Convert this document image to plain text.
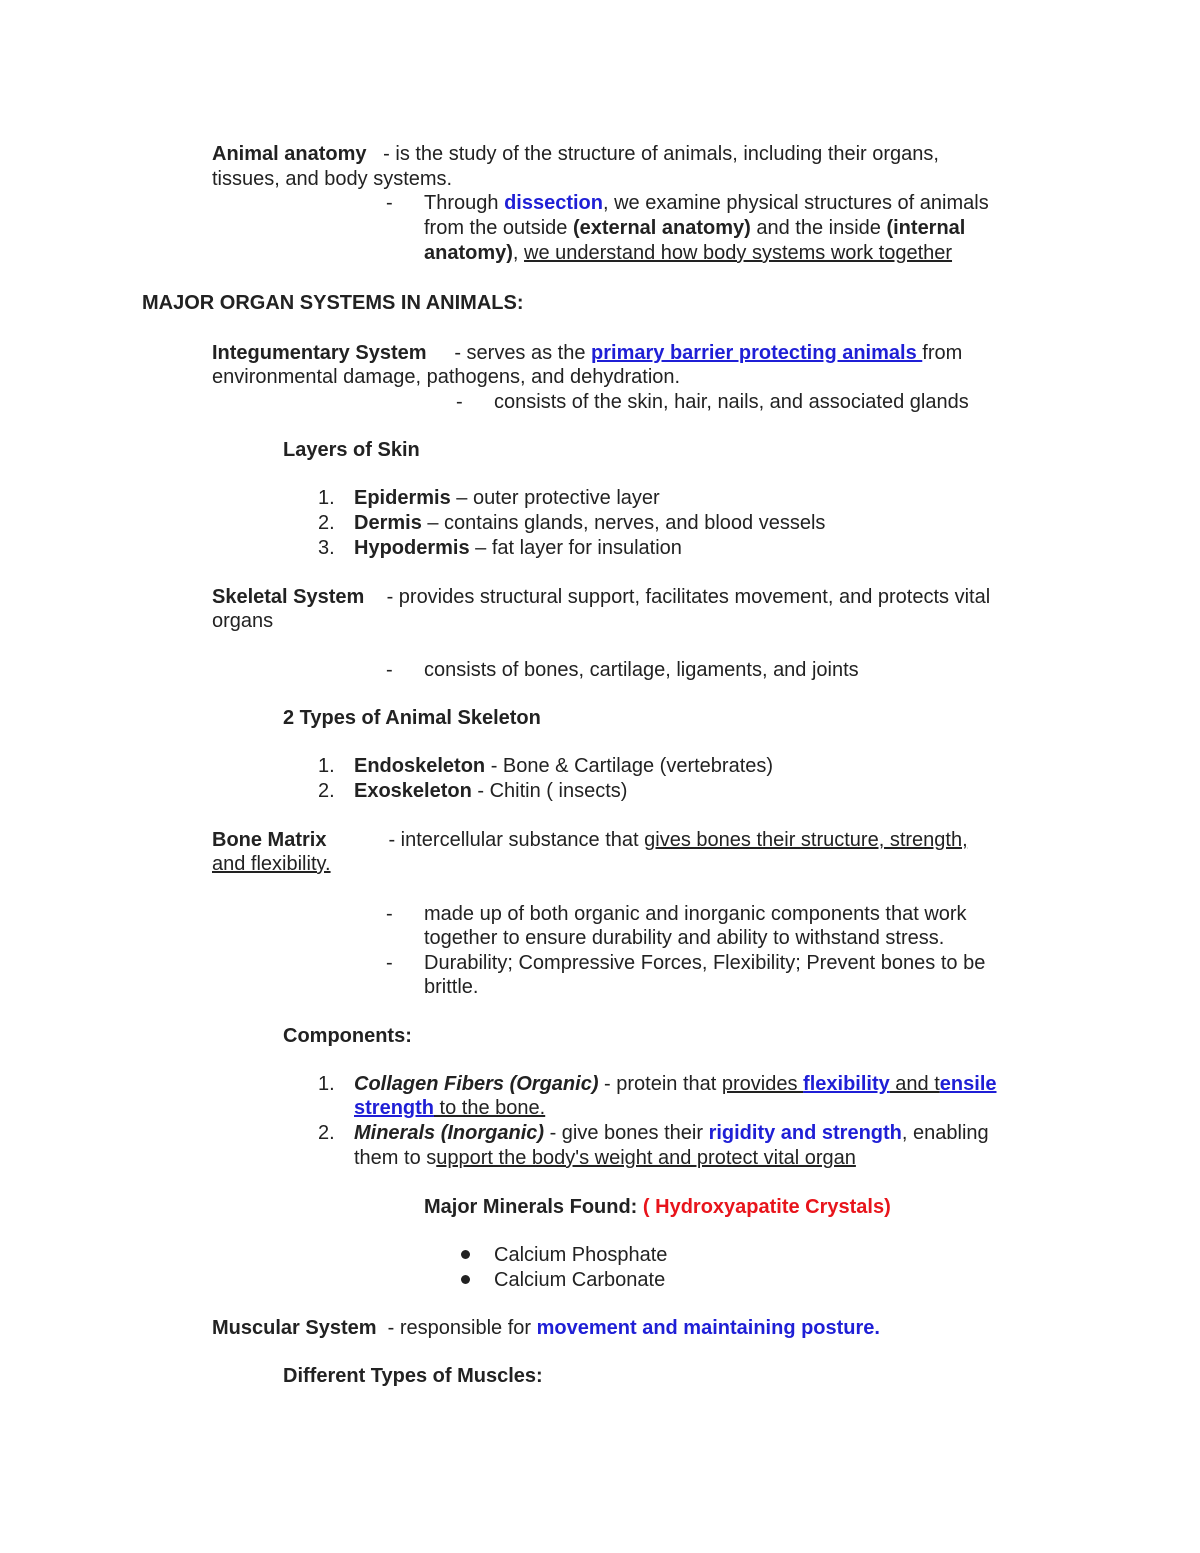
Animal anatomy - is the study of the structure of animals, including their organs,
tissues, and body systems.
- Through dissection, we examine physical structures of animals
from the outside (external anatomy) and the inside (internal
anatomy), we understand how body systems work together
MAJOR ORGAN SYSTEMS IN ANIMALS:
Integumentary System - serves as the primary barrier protecting animals from
environmental damage, pathogens, and dehydration.
- consists of the skin, hair, nails, and associated glands
Layers of Skin
1. Epidermis – outer protective layer
2. Dermis – contains glands, nerves, and blood vessels
3. Hypodermis – fat layer for insulation
Skeletal System - provides structural support, facilitates movement, and protects vital
organs
- consists of bones, cartilage, ligaments, and joints
2 Types of Animal Skeleton
1. Endoskeleton - Bone & Cartilage (vertebrates)
2. Exoskeleton - Chitin ( insects)
Bone Matrix	- intercellular substance that gives bones their structure, strength,
and flexibility.
- made up of both organic and inorganic components that work
together to ensure durability and ability to withstand stress.
- Durability; Compressive Forces, Flexibility; Prevent bones to be
brittle.
Components:
1. Collagen Fibers (Organic) - protein that provides flexibility and tensile
strength to the bone.
2. Minerals (Inorganic) - give bones their rigidity and strength, enabling
them to support the body's weight and protect vital organ
Major Minerals Found: ( Hydroxyapatite Crystals)
Calcium Phosphate
Calcium Carbonate
Muscular System - responsible for movement and maintaining posture.
Different Types of Muscles:
